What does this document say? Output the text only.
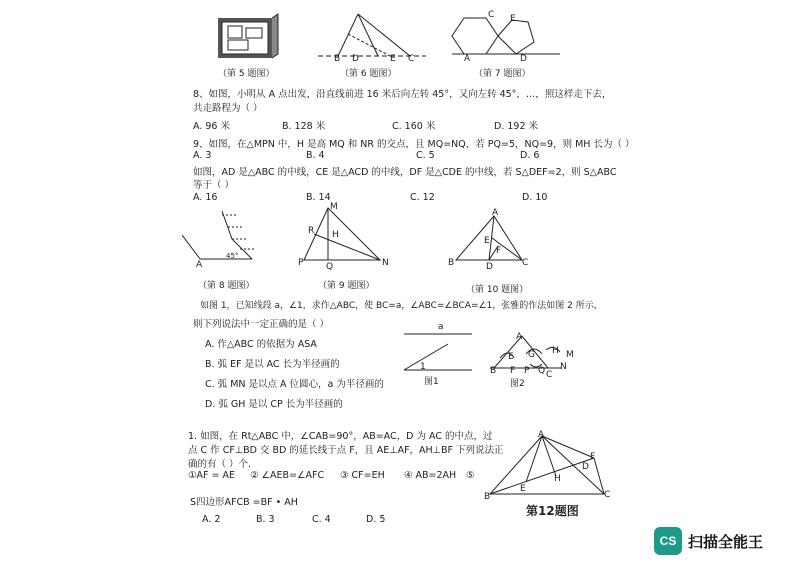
（第 5 题图）
B D	E C
（第 6 题图）
C E
A	D
（第 7 题图）
8、如图，小明从 A 点出发，沿直线前进 16 米后向左转 45°，又向左转 45°，…，照这样走下去，
共走路程为（ ）
A. 96 米	B. 128 米	C. 160 米	D. 192 米
9、如图，在△MPN 中，H 是高 MQ 和 NR 的交点，且 MQ=NQ，若 PQ=5，NQ=9，则 MH 长为（ ）
A. 3	B. 4	C. 5	D. 6
如图，AD 是△ABC 的中线，CE 是△ACD 的中线，DF 是△CDE 的中线，若 S△DEF=2，则 S△ABC
等于（ ）
A. 16	B. 14	C. 12	D. 10
A
45°
（第 8 题图）
M
R H
P	Q	N
（第 9 题图）
A
E
F
B	D	C
（第 10 题图）
如图 1，已知线段 a，∠1，求作△ABC，使 BC=a，∠ABC=∠BCA=∠1，张雅的作法如图 2 所示，
则下列说法中一定正确的是（ ）
A. 作△ABC 的依据为 ASA
B. 弧 EF 是以 AC 长为半径画的
C. 弧 MN 是以点 A 位圆心，a 为半径画的
D. 弧 GH 是以 CP 长为半径画的
a
1
图1
A
E G H M
B F P Q N
C
图2
1. 如图，在 Rt△ABC 中，∠CAB=90°，AB=AC，D 为 AC 的中点，过
点 C 作 CF⊥BD 交 BD 的延长线于点 F，且 AE⊥AF，AH⊥BF 下列说法正
确的有（ ）个.
①AF = AE ② ∠AEB=∠AFC ③ CF=EH ④ AB=2AH ⑤
S四边形AFCB =BF • AH
A. 2	B. 3	C. 4	D. 5
A
F
D
H
E
B	C
第12题图
CS 扫描全能王
